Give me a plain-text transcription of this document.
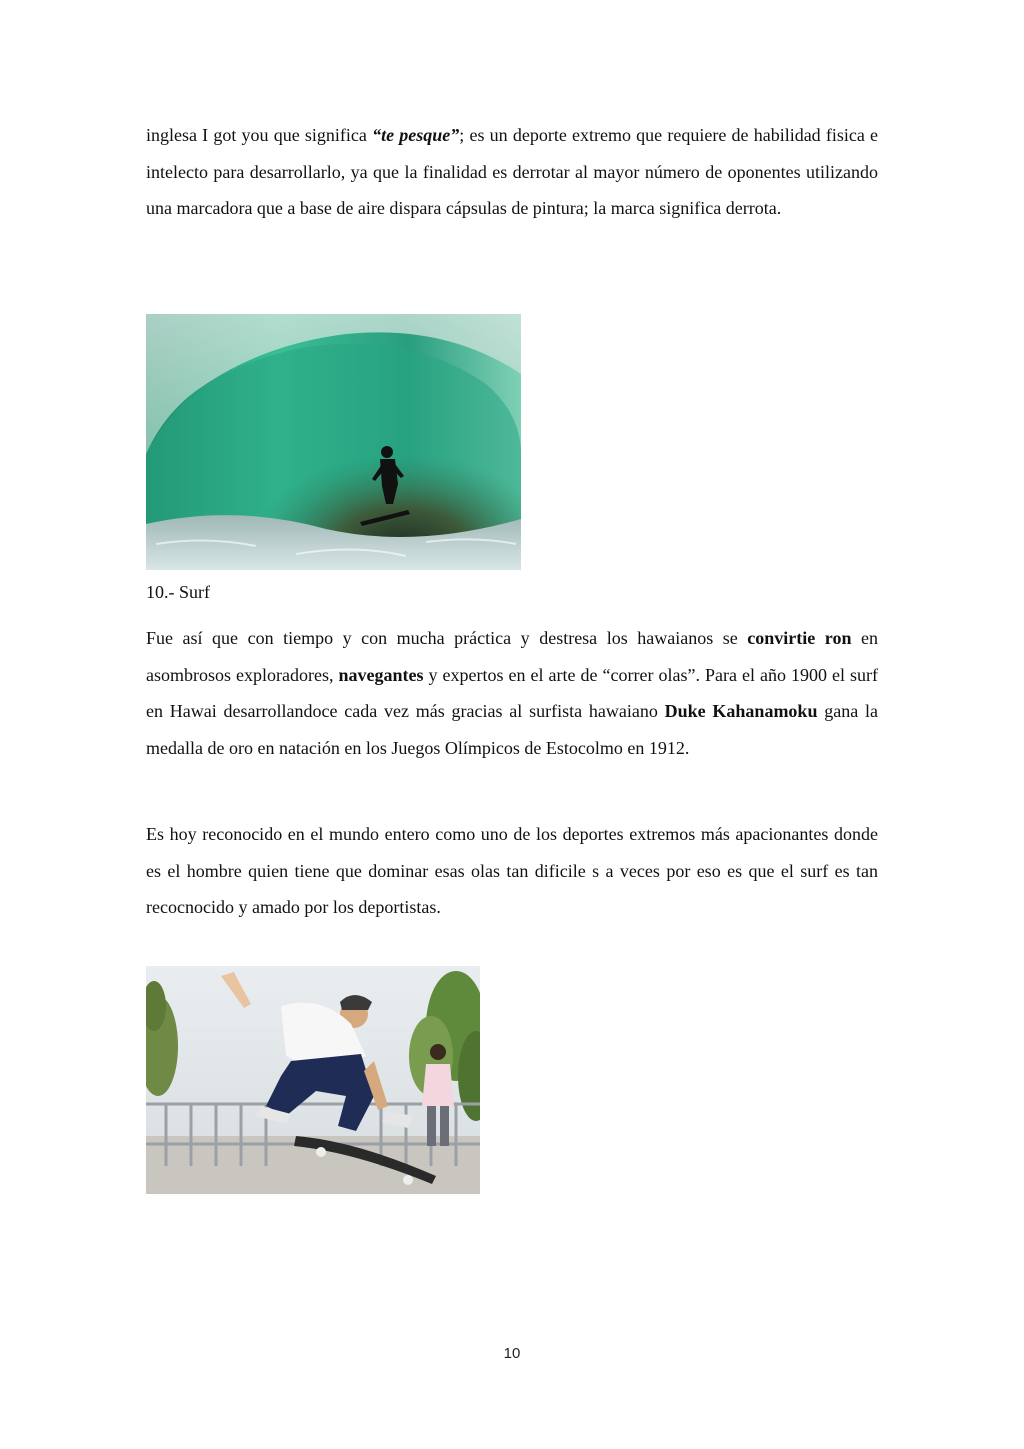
inglesa I got you que significa “te pesque”; es un deporte extremo que requiere de habilidad fisica e intelecto para desarrollarlo, ya que la finalidad es derrotar al mayor número de oponentes utilizando una marcadora que a base de aire dispara cápsulas de pintura; la marca significa derrota.

10.- Surf

Fue así que con tiempo y con mucha práctica y destresa los hawaianos se convirtie ron en asombrosos exploradores, navegantes y expertos en el arte de “correr olas”. Para el año 1900 el surf en Hawai desarrollandoce cada vez más gracias al surfista hawaiano Duke Kahanamoku gana la medalla de oro en natación en los Juegos Olímpicos de Estocolmo en 1912.

Es hoy reconocido en el mundo entero como uno de los deportes extremos más apacionantes donde es el hombre quien tiene que dominar esas olas tan dificile s a veces por eso es que el surf es tan recocnocido y amado por los deportistas.

10
